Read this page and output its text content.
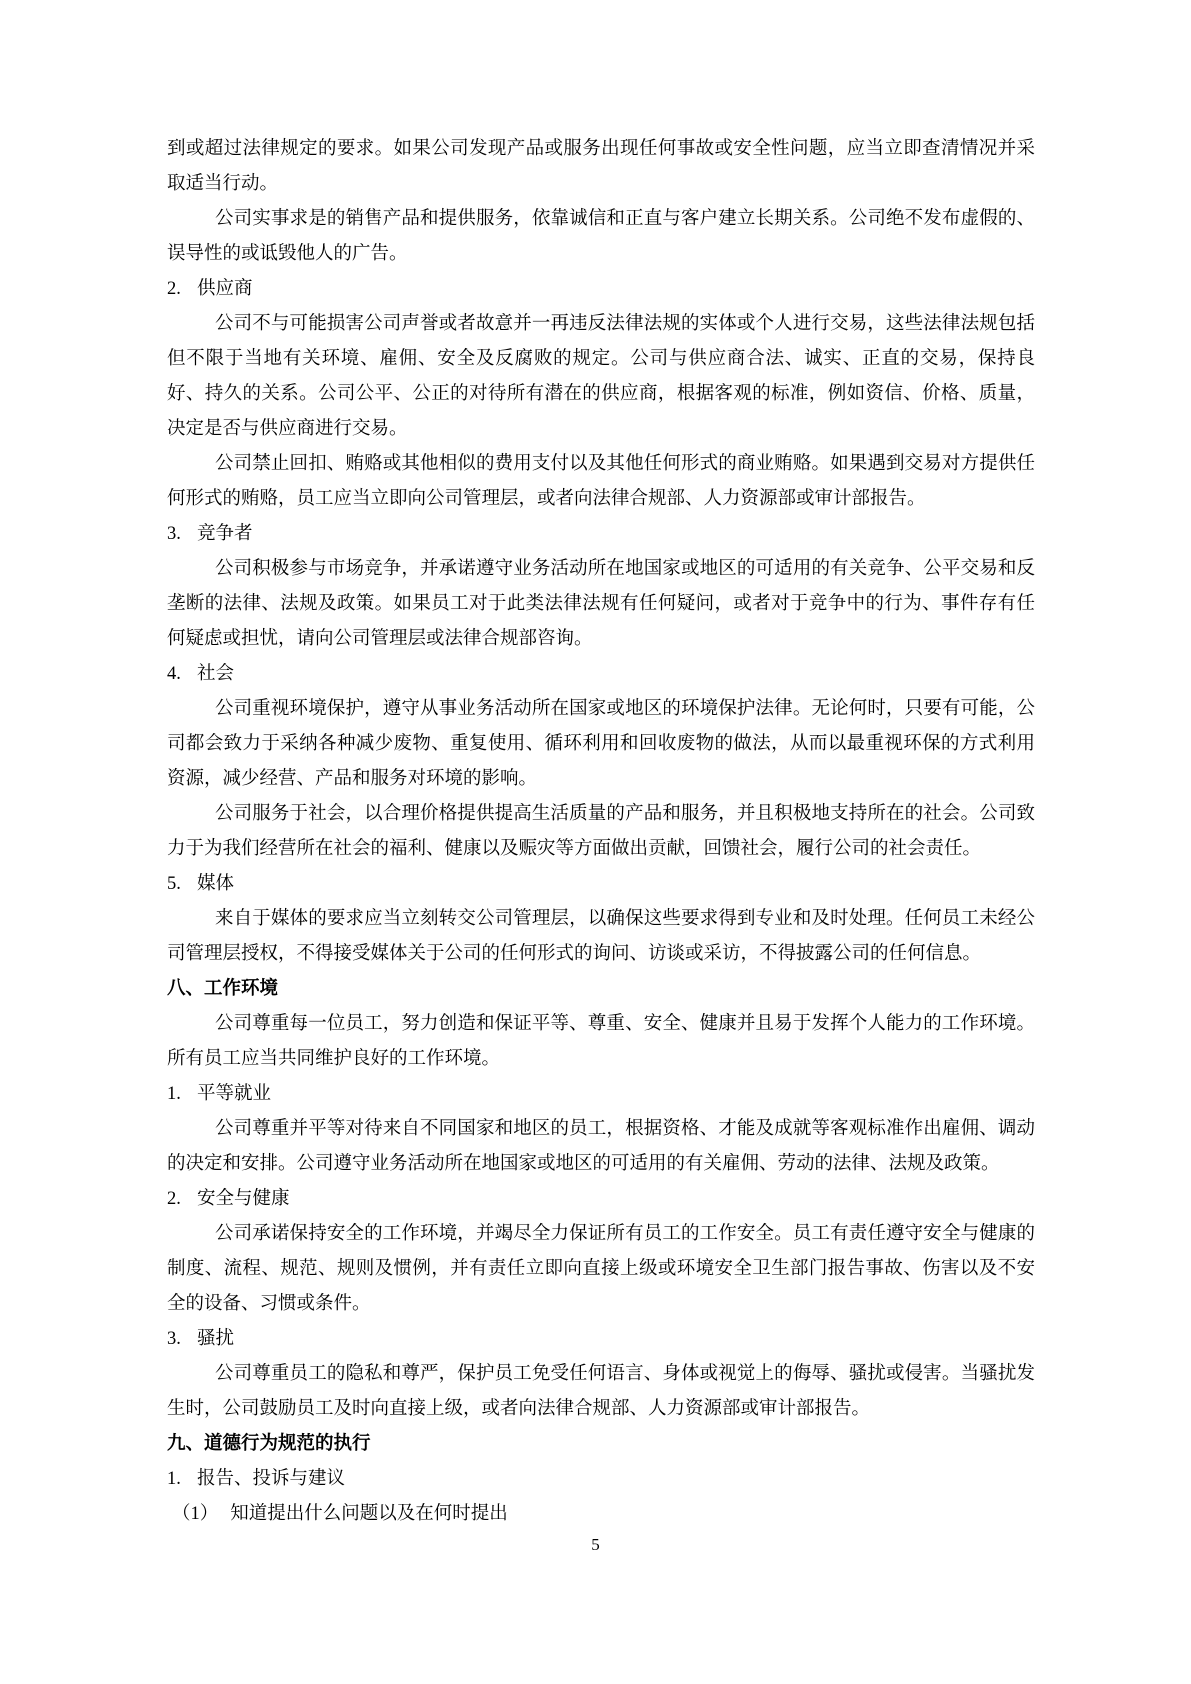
到或超过法律规定的要求。如果公司发现产品或服务出现任何事故或安全性问题，应当立即查清情况并采取适当行动。

公司实事求是的销售产品和提供服务，依靠诚信和正直与客户建立长期关系。公司绝不发布虚假的、误导性的或诋毁他人的广告。

2. 供应商

公司不与可能损害公司声誉或者故意并一再违反法律法规的实体或个人进行交易，这些法律法规包括但不限于当地有关环境、雇佣、安全及反腐败的规定。公司与供应商合法、诚实、正直的交易，保持良好、持久的关系。公司公平、公正的对待所有潜在的供应商，根据客观的标准，例如资信、价格、质量，决定是否与供应商进行交易。

公司禁止回扣、贿赂或其他相似的费用支付以及其他任何形式的商业贿赂。如果遇到交易对方提供任何形式的贿赂，员工应当立即向公司管理层，或者向法律合规部、人力资源部或审计部报告。

3. 竞争者

公司积极参与市场竞争，并承诺遵守业务活动所在地国家或地区的可适用的有关竞争、公平交易和反垄断的法律、法规及政策。如果员工对于此类法律法规有任何疑问，或者对于竞争中的行为、事件存有任何疑虑或担忧，请向公司管理层或法律合规部咨询。

4. 社会

公司重视环境保护，遵守从事业务活动所在国家或地区的环境保护法律。无论何时，只要有可能，公司都会致力于采纳各种减少废物、重复使用、循环利用和回收废物的做法，从而以最重视环保的方式利用资源，减少经营、产品和服务对环境的影响。

公司服务于社会，以合理价格提供提高生活质量的产品和服务，并且积极地支持所在的社会。公司致力于为我们经营所在社会的福利、健康以及赈灾等方面做出贡献，回馈社会，履行公司的社会责任。

5. 媒体

来自于媒体的要求应当立刻转交公司管理层，以确保这些要求得到专业和及时处理。任何员工未经公司管理层授权，不得接受媒体关于公司的任何形式的询问、访谈或采访，不得披露公司的任何信息。

八、工作环境

公司尊重每一位员工，努力创造和保证平等、尊重、安全、健康并且易于发挥个人能力的工作环境。所有员工应当共同维护良好的工作环境。

1. 平等就业

公司尊重并平等对待来自不同国家和地区的员工，根据资格、才能及成就等客观标准作出雇佣、调动的决定和安排。公司遵守业务活动所在地国家或地区的可适用的有关雇佣、劳动的法律、法规及政策。

2. 安全与健康

公司承诺保持安全的工作环境，并竭尽全力保证所有员工的工作安全。员工有责任遵守安全与健康的制度、流程、规范、规则及惯例，并有责任立即向直接上级或环境安全卫生部门报告事故、伤害以及不安全的设备、习惯或条件。

3. 骚扰

公司尊重员工的隐私和尊严，保护员工免受任何语言、身体或视觉上的侮辱、骚扰或侵害。当骚扰发生时，公司鼓励员工及时向直接上级，或者向法律合规部、人力资源部或审计部报告。

九、道德行为规范的执行
1. 报告、投诉与建议
（1） 知道提出什么问题以及在何时提出
5
